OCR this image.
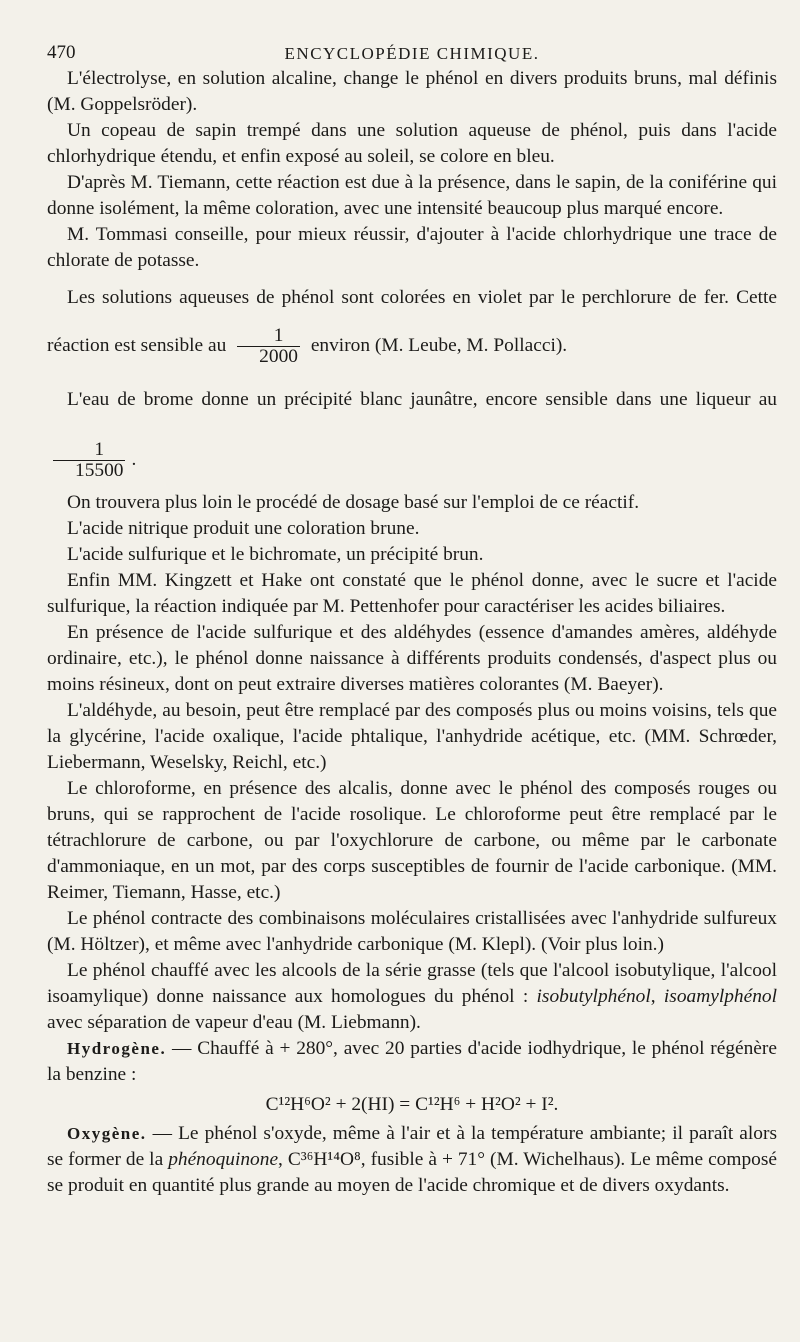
470	ENCYCLOPÉDIE CHIMIQUE.

L'électrolyse, en solution alcaline, change le phénol en divers produits bruns, mal définis (M. Goppelsröder).

Un copeau de sapin trempé dans une solution aqueuse de phénol, puis dans l'acide chlorhydrique étendu, et enfin exposé au soleil, se colore en bleu.

D'après M. Tiemann, cette réaction est due à la présence, dans le sapin, de la coniférine qui donne isolément, la même coloration, avec une intensité beaucoup plus marqué encore.

M. Tommasi conseille, pour mieux réussir, d'ajouter à l'acide chlorhydrique une trace de chlorate de potasse.

Les solutions aqueuses de phénol sont colorées en violet par le perchlorure de fer. Cette réaction est sensible au $\frac{1}{2000}$ environ (M. Leube, M. Pollacci).

L'eau de brome donne un précipité blanc jaunâtre, encore sensible dans une liqueur au
$\frac{1}{15500}$ .

On trouvera plus loin le procédé de dosage basé sur l'emploi de ce réactif.

L'acide nitrique produit une coloration brune.

L'acide sulfurique et le bichromate, un précipité brun.

Enfin MM. Kingzett et Hake ont constaté que le phénol donne, avec le sucre et l'acide sulfurique, la réaction indiquée par M. Pettenhofer pour caractériser les acides biliaires.

En présence de l'acide sulfurique et des aldéhydes (essence d'amandes amères, aldéhyde ordinaire, etc.), le phénol donne naissance à différents produits condensés, d'aspect plus ou moins résineux, dont on peut extraire diverses matières colorantes (M. Baeyer).

L'aldéhyde, au besoin, peut être remplacé par des composés plus ou moins voisins, tels que la glycérine, l'acide oxalique, l'acide phtalique, l'anhydride acétique, etc. (MM. Schrœder, Liebermann, Weselsky, Reichl, etc.)

Le chloroforme, en présence des alcalis, donne avec le phénol des composés rouges ou bruns, qui se rapprochent de l'acide rosolique. Le chloroforme peut être remplacé par le tétrachlorure de carbone, ou par l'oxychlorure de carbone, ou même par le carbonate d'ammoniaque, en un mot, par des corps susceptibles de fournir de l'acide carbonique. (MM. Reimer, Tiemann, Hasse, etc.)

Le phénol contracte des combinaisons moléculaires cristallisées avec l'anhydride sulfureux (M. Höltzer), et même avec l'anhydride carbonique (M. Klepl). (Voir plus loin.)

Le phénol chauffé avec les alcools de la série grasse (tels que l'alcool isobutylique, l'alcool isoamylique) donne naissance aux homologues du phénol : isobutylphénol, isoamylphénol avec séparation de vapeur d'eau (M. Liebmann).

Hydrogène. — Chauffé à + 280°, avec 20 parties d'acide iodhydrique, le phénol régénère la benzine :

C¹²H⁶O² + 2(HI) = C¹²H⁶ + H²O² + I².

Oxygène. — Le phénol s'oxyde, même à l'air et à la température ambiante; il paraît alors se former de la phénoquinone, C³⁶H¹⁴O⁸, fusible à + 71° (M. Wichelhaus). Le même composé se produit en quantité plus grande au moyen de l'acide chromique et de divers oxydants.
